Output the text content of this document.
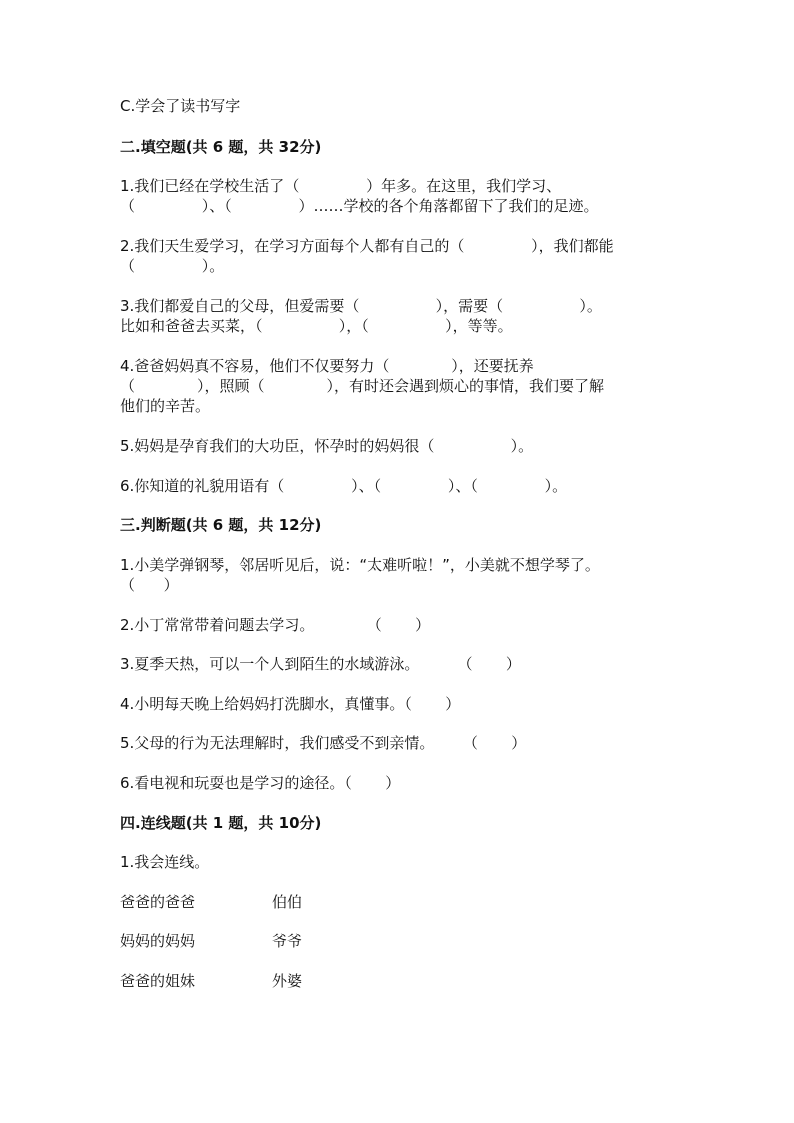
C.学会了读书写字

二.填空题(共 6 题，共 32分)

1.我们已经在学校生活了（              ）年多。在这里，我们学习、

（              ）、（              ）……学校的各个角落都留下了我们的足迹。

2.我们天生爱学习，在学习方面每个人都有自己的（              ），我们都能

（              ）。

3.我们都爱自己的父母，但爱需要（                ），需要（                ）。

比如和爸爸去买菜，（                ），（                ），等等。

4.爸爸妈妈真不容易，他们不仅要努力（             ），还要抚养

（             ），照顾（             ），有时还会遇到烦心的事情，我们要了解

他们的辛苦。

5.妈妈是孕育我们的大功臣，怀孕时的妈妈很（                ）。

6.你知道的礼貌用语有（              ）、（              ）、（              ）。

三.判断题(共 6 题，共 12分)

1.小美学弹钢琴，邻居听见后，说：“太难听啦！”，小美就不想学琴了。

（      ）

2.小丁常常带着问题去学习。           （       ）

3.夏季天热，可以一个人到陌生的水域游泳。        （       ）

4.小明每天晚上给妈妈打洗脚水，真懂事。（       ）

5.父母的行为无法理解时，我们感受不到亲情。      （       ）

6.看电视和玩耍也是学习的途径。（       ）

四.连线题(共 1 题，共 10分)

1.我会连线。

爸爸的爸爸	伯伯
妈妈的妈妈	爷爷
爸爸的姐妹	外婆
